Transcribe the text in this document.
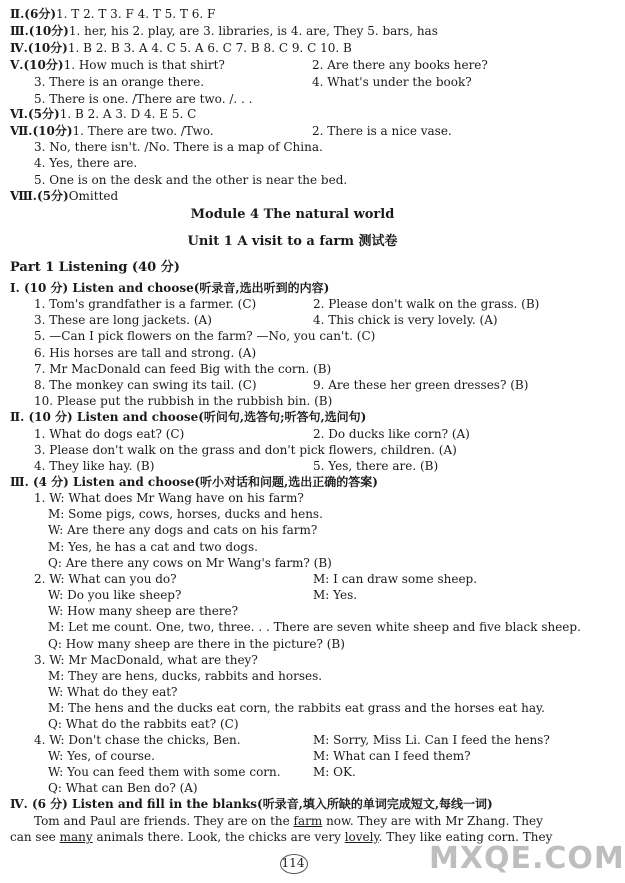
Ⅱ.(6分)1. T 2. T 3. F 4. T 5. T 6. F
Ⅲ.(10分)1. her, his 2. play, are 3. libraries, is 4. are, They 5. bars, has
Ⅳ.(10分)1. B 2. B 3. A 4. C 5. A 6. C 7. B 8. C 9. C 10. B
Ⅴ.(10分)1. How much is that shirt?	2. Are there any books here?
3. There is an orange there.	4. What's under the book?
5. There is one. /There are two. /. . .
Ⅵ.(5分)1. B 2. A 3. D 4. E 5. C
Ⅶ.(10分)1. There are two. /Two.	2. There is a nice vase.
3. No, there isn't. /No. There is a map of China.
4. Yes, there are.
5. One is on the desk and the other is near the bed.
Ⅷ.(5分)Omitted
Module 4 The natural world
Unit 1 A visit to a farm 测试卷
Part 1 Listening (40 分)
Ⅰ. (10 分) Listen and choose(听录音,选出听到的内容)
1. Tom's grandfather is a farmer. (C)	2. Please don't walk on the grass. (B)
3. These are long jackets. (A)	4. This chick is very lovely. (A)
5. —Can I pick flowers on the farm? —No, you can't. (C)
6. His horses are tall and strong. (A)
7. Mr MacDonald can feed Big with the corn. (B)
8. The monkey can swing its tail. (C)	9. Are these her green dresses? (B)
10. Please put the rubbish in the rubbish bin. (B)
Ⅱ. (10 分) Listen and choose(听问句,选答句;听答句,选问句)
1. What do dogs eat? (C)	2. Do ducks like corn? (A)
3. Please don't walk on the grass and don't pick flowers, children. (A)
4. They like hay. (B)	5. Yes, there are. (B)
Ⅲ. (4 分) Listen and choose(听小对话和问题,选出正确的答案)
1. W: What does Mr Wang have on his farm?
M: Some pigs, cows, horses, ducks and hens.
W: Are there any dogs and cats on his farm?
M: Yes, he has a cat and two dogs.
Q: Are there any cows on Mr Wang's farm? (B)
2. W: What can you do?	M: I can draw some sheep.
W: Do you like sheep?	M: Yes.
W: How many sheep are there?
M: Let me count. One, two, three. . . There are seven white sheep and five black sheep.
Q: How many sheep are there in the picture? (B)
3. W: Mr MacDonald, what are they?
M: They are hens, ducks, rabbits and horses.
W: What do they eat?
M: The hens and the ducks eat corn, the rabbits eat grass and the horses eat hay.
Q: What do the rabbits eat? (C)
4. W: Don't chase the chicks, Ben.	M: Sorry, Miss Li. Can I feed the hens?
W: Yes, of course.	M: What can I feed them?
W: You can feed them with some corn.	M: OK.
Q: What can Ben do? (A)
Ⅳ. (6 分) Listen and fill in the blanks(听录音,填入所缺的单词完成短文,每线一词)
Tom and Paul are friends. They are on the farm now. They are with Mr Zhang. They
can see many animals there. Look, the chicks are very lovely. They like eating corn. They
114	MXQE.COM
